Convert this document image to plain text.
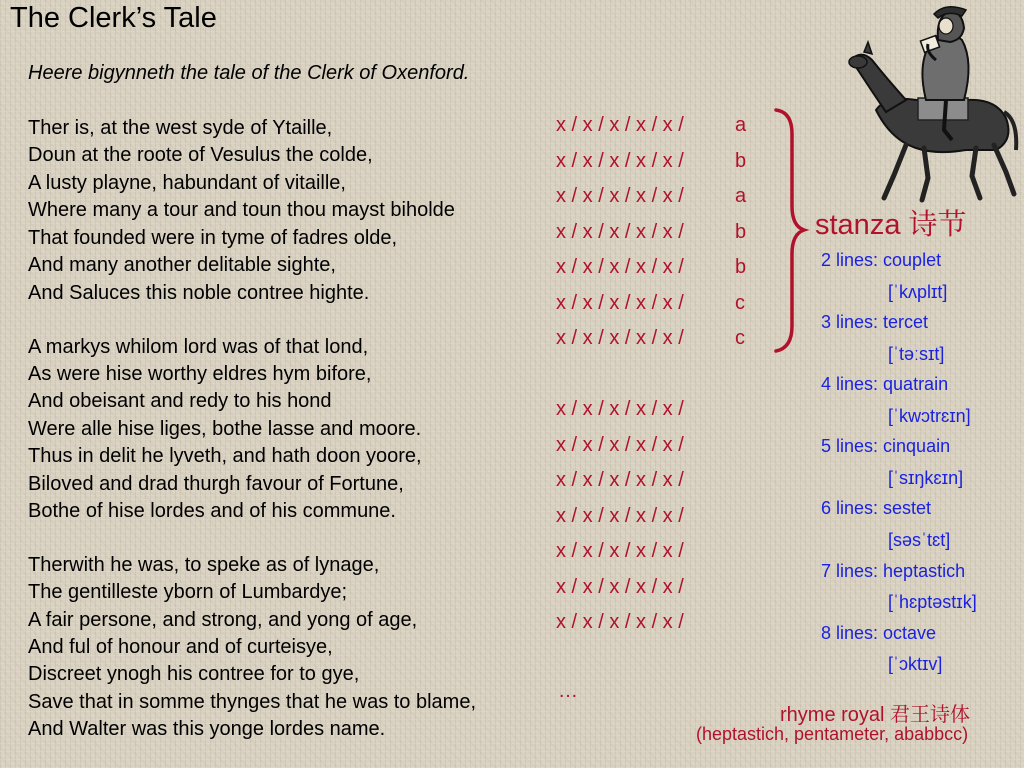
The Clerk’s Tale
Heere bigynneth the tale of the Clerk of Oxenford.
Ther is, at the west syde of Ytaille,
Doun at the roote of Vesulus the colde,
A lusty playne, habundant of vitaille,
Where many a tour and toun thou mayst biholde
That founded were in tyme of fadres olde,
And many another delitable sighte,
And Saluces this noble contree highte.
A markys whilom lord was of that lond,
As were hise worthy eldres hym bifore,
And obeisant and redy to his hond
Were alle hise liges, bothe lasse and moore.
Thus in delit he lyveth, and hath doon yoore,
Biloved and drad thurgh favour of Fortune,
Bothe of hise lordes and of his commune.
Therwith he was, to speke as of lynage,
The gentilleste yborn of Lumbardye;
A fair persone, and strong, and yong of age,
And ful of honour and of curteisye,
Discreet ynogh his contree for to gye,
Save that in somme thynges that he was to blame,
And Walter was this yonge lordes name.
x / x / x / x / x /
x / x / x / x / x /
x / x / x / x / x /
x / x / x / x / x /
x / x / x / x / x /
x / x / x / x / x /
x / x / x / x / x /
a
b
a
b
b
c
c
x / x / x / x / x /
x / x / x / x / x /
x / x / x / x / x /
x / x / x / x / x /
x / x / x / x / x /
x / x / x / x / x /
x / x / x / x / x /
…
stanza 诗节
2 lines: couplet
[ˈkʌplɪt]
3 lines: tercet
[ˈtəːsɪt]
4 lines: quatrain
[ˈkwɔtrɛɪn]
5 lines: cinquain
[ˈsɪŋkɛɪn]
6 lines: sestet
[səsˈtɛt]
7 lines: heptastich
[ˈhɛptəstɪk]
8 lines: octave
[ˈɔktɪv]
rhyme royal 君王诗体
(heptastich, pentameter, ababbcc)
